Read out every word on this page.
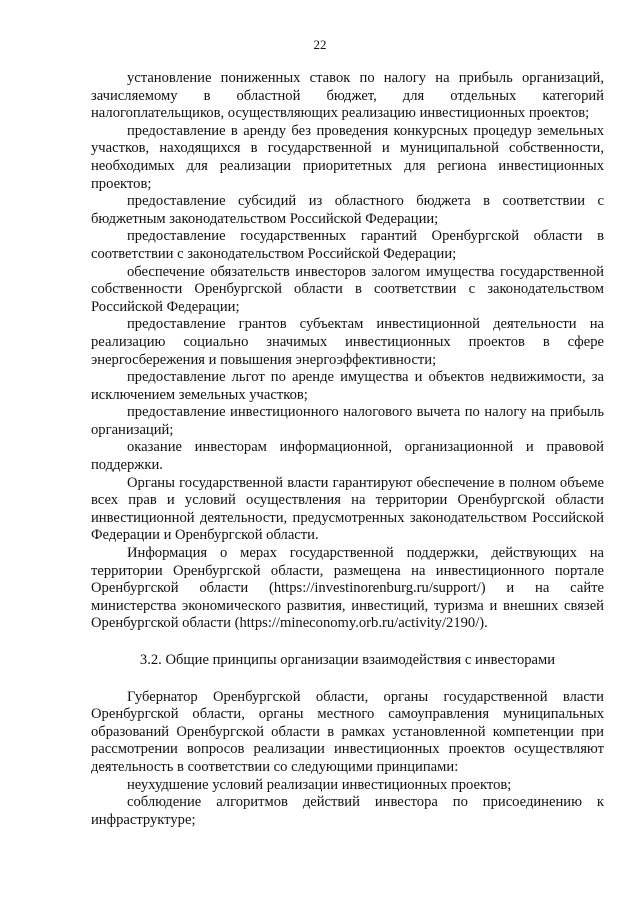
22

установление пониженных ставок по налогу на прибыль организаций, зачисляемому в областной бюджет, для отдельных категорий налогоплательщиков, осуществляющих реализацию инвестиционных проектов;

предоставление в аренду без проведения конкурсных процедур земельных участков, находящихся в государственной и муниципальной собственности, необходимых для реализации приоритетных для региона инвестиционных проектов;

предоставление субсидий из областного бюджета в соответствии с бюджетным законодательством Российской Федерации;

предоставление государственных гарантий Оренбургской области в соответствии с законодательством Российской Федерации;

обеспечение обязательств инвесторов залогом имущества государственной собственности Оренбургской области в соответствии с законодательством Российской Федерации;

предоставление грантов субъектам инвестиционной деятельности на реализацию социально значимых инвестиционных проектов в сфере энергосбережения и повышения энергоэффективности;

предоставление льгот по аренде имущества и объектов недвижимости, за исключением земельных участков;

предоставление инвестиционного налогового вычета по налогу на прибыль организаций;

оказание инвесторам информационной, организационной и правовой поддержки.

Органы государственной власти гарантируют обеспечение в полном объеме всех прав и условий осуществления на территории Оренбургской области инвестиционной деятельности, предусмотренных законодательством Российской Федерации и Оренбургской области.

Информация о мерах государственной поддержки, действующих на территории Оренбургской области, размещена на инвестиционного портале Оренбургской области (https://investinorenburg.ru/support/) и на сайте министерства экономического развития, инвестиций, туризма и внешних связей Оренбургской области (https://mineconomy.orb.ru/activity/2190/).

3.2. Общие принципы организации взаимодействия с инвесторами

Губернатор Оренбургской области, органы государственной власти Оренбургской области, органы местного самоуправления муниципальных образований Оренбургской области в рамках установленной компетенции при рассмотрении вопросов реализации инвестиционных проектов осуществляют деятельность в соответствии со следующими принципами:

неухудшение условий реализации инвестиционных проектов;

соблюдение алгоритмов действий инвестора по присоединению к инфраструктуре;
